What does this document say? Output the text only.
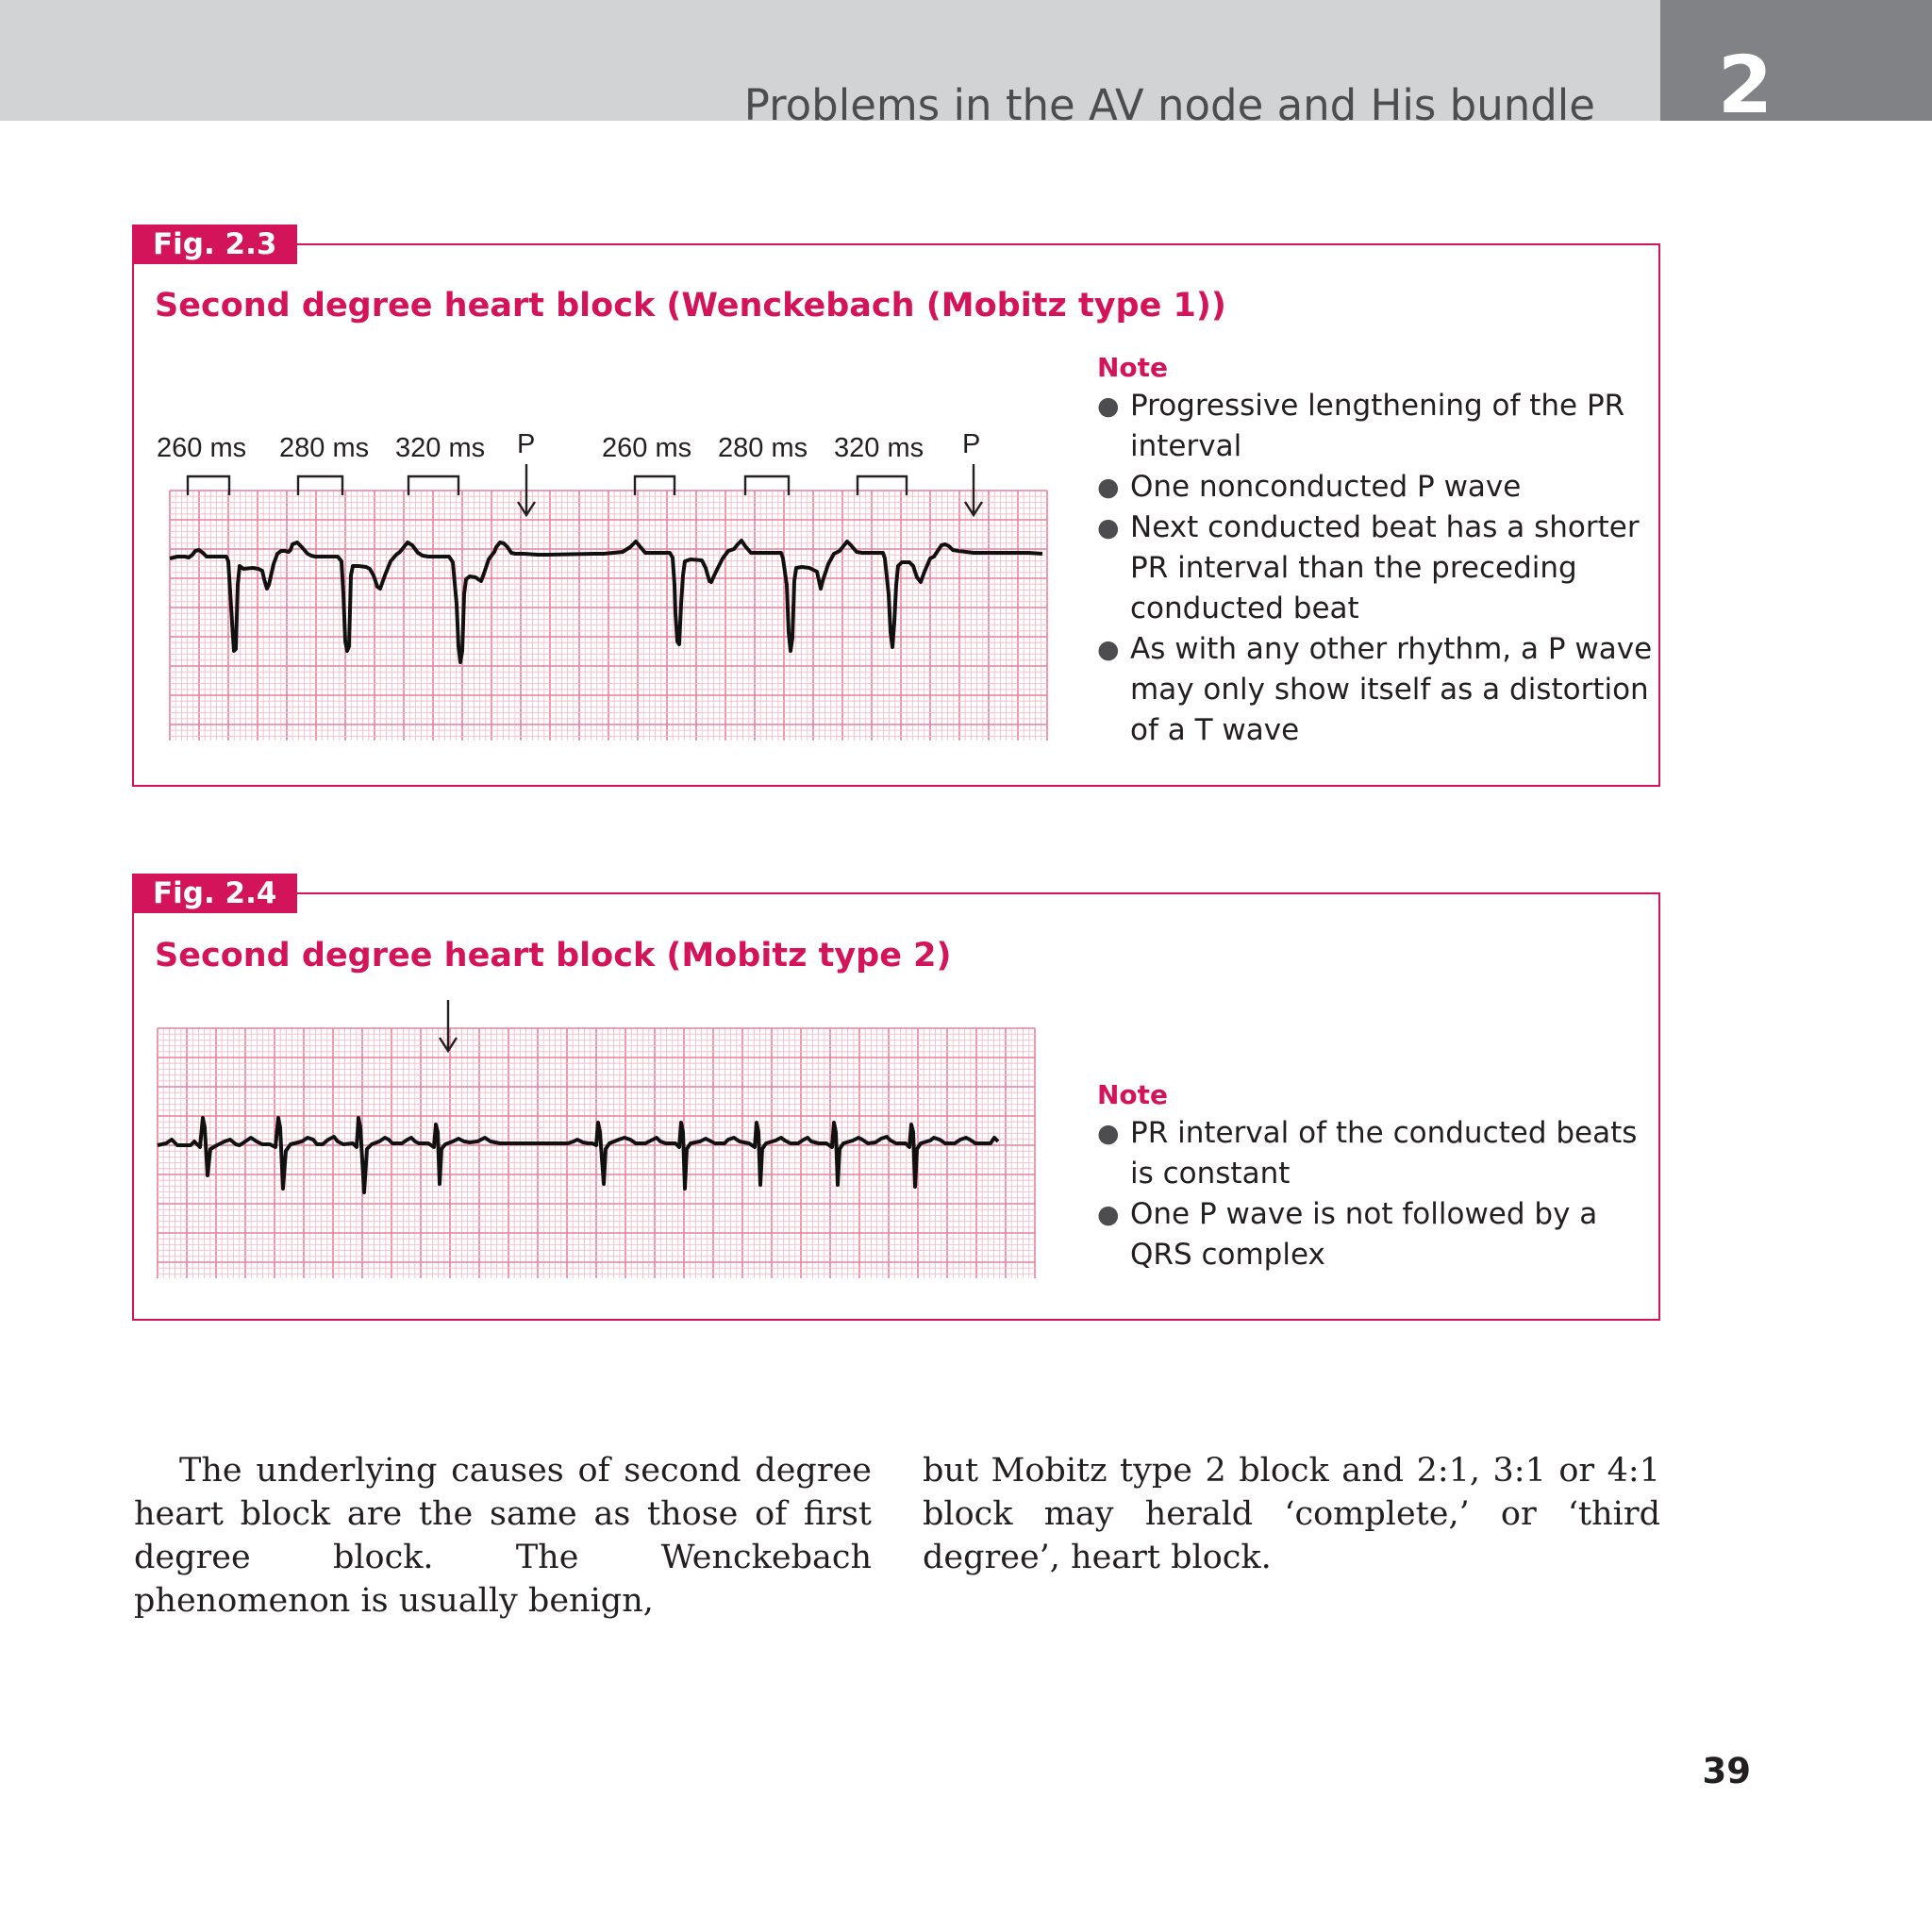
2
Problems in the AV node and His bundle
Fig. 2.3
Second degree heart block (Wenckebach (Mobitz type 1))
260 ms 280 ms 320 ms P 260 ms 280 ms 320 ms P
Note
● Progressive lengthening of the PR interval
● One nonconducted P wave
● Next conducted beat has a shorter PR interval than the preceding conducted beat
● As with any other rhythm, a P wave may only show itself as a distortion of a T wave
Fig. 2.4
Second degree heart block (Mobitz type 2)
Note
● PR interval of the conducted beats is constant
● One P wave is not followed by a QRS complex

The underlying causes of second degree heart block are the same as those of first degree block. The Wenckebach phenomenon is usually benign,

but Mobitz type 2 block and 2:1, 3:1 or 4:1 block may herald ‘complete,’ or ‘third degree’, heart block.

39
